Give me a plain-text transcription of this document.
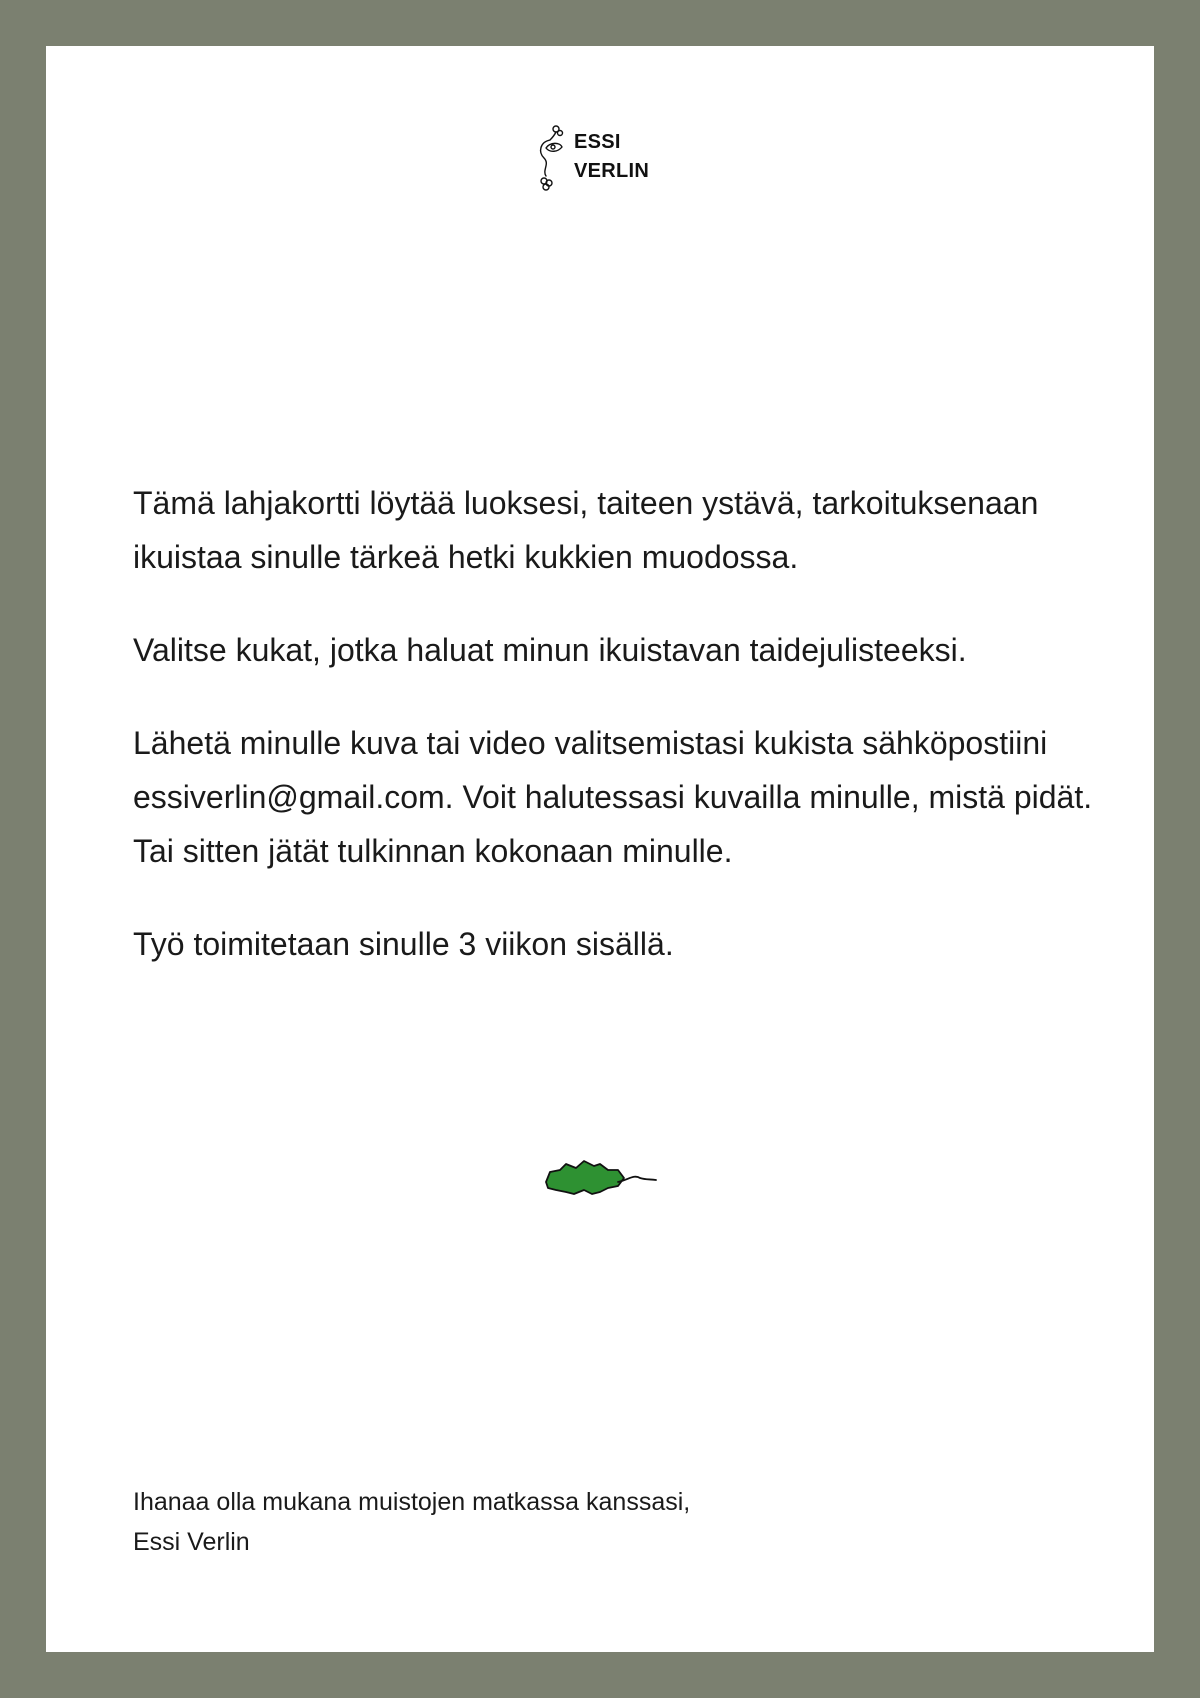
ESSI
VERLIN

Tämä lahjakortti löytää luoksesi, taiteen ystävä, tarkoituksenaan ikuistaa sinulle tärkeä hetki kukkien muodossa.

Valitse kukat, jotka haluat minun ikuistavan taidejulisteeksi.

Lähetä minulle kuva tai video valitsemistasi kukista sähköpostiini essiverlin@gmail.com. Voit halutessasi kuvailla minulle, mistä pidät. Tai sitten jätät tulkinnan kokonaan minulle.

Työ toimitetaan sinulle 3 viikon sisällä.

Ihanaa olla mukana muistojen matkassa kanssasi,
Essi Verlin
